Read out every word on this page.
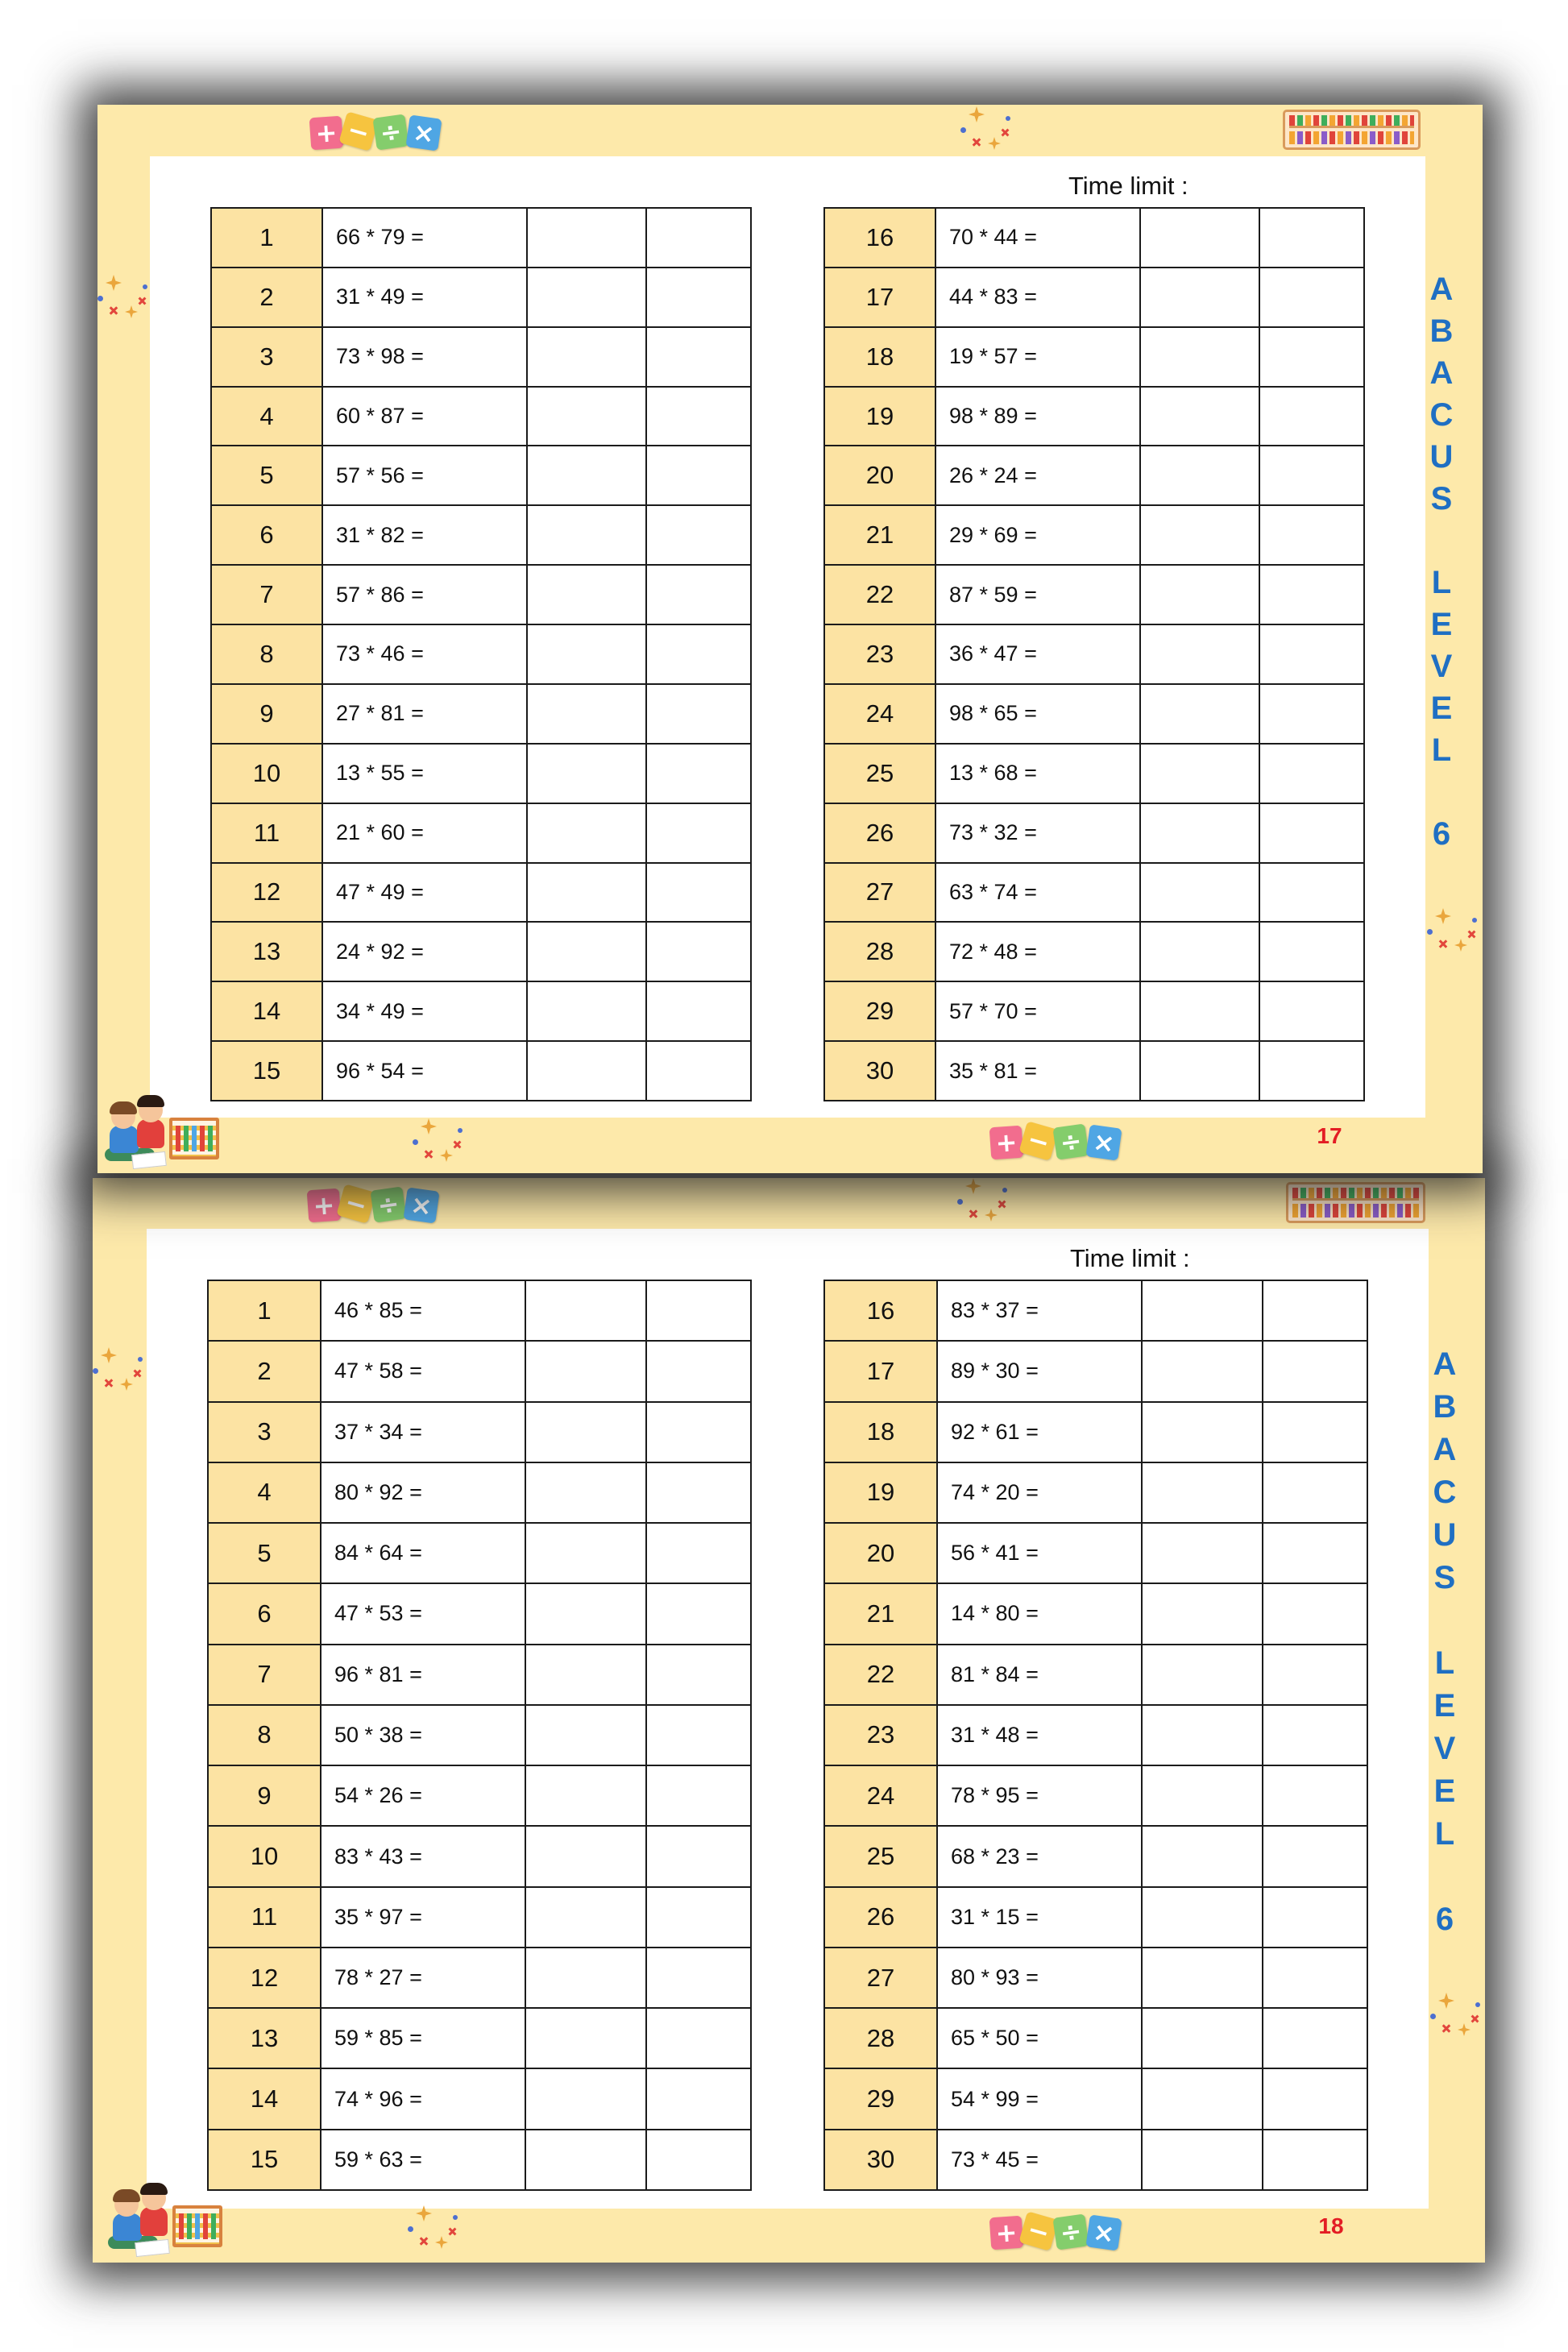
+ − ÷ ×
Time limit :
1	66 * 79 =
2	31 * 49 =
3	73 * 98 =
4	60 * 87 =
5	57 * 56 =
6	31 * 82 =
7	57 * 86 =
8	73 * 46 =
9	27 * 81 =
10	13 * 55 =
11	21 * 60 =
12	47 * 49 =
13	24 * 92 =
14	34 * 49 =
15	96 * 54 =
16	70 * 44 =
17	44 * 83 =
18	19 * 57 =
19	98 * 89 =
20	26 * 24 =
21	29 * 69 =
22	87 * 59 =
23	36 * 47 =
24	98 * 65 =
25	13 * 68 =
26	73 * 32 =
27	63 * 74 =
28	72 * 48 =
29	57 * 70 =
30	35 * 81 =
A
B
A
C
U
S
L
E
V
E
L
6
+ − ÷ ×	17
+ − ÷ ×
Time limit :
1	46 * 85 =
2	47 * 58 =
3	37 * 34 =
4	80 * 92 =
5	84 * 64 =
6	47 * 53 =
7	96 * 81 =
8	50 * 38 =
9	54 * 26 =
10	83 * 43 =
11	35 * 97 =
12	78 * 27 =
13	59 * 85 =
14	74 * 96 =
15	59 * 63 =
16	83 * 37 =
17	89 * 30 =
18	92 * 61 =
19	74 * 20 =
20	56 * 41 =
21	14 * 80 =
22	81 * 84 =
23	31 * 48 =
24	78 * 95 =
25	68 * 23 =
26	31 * 15 =
27	80 * 93 =
28	65 * 50 =
29	54 * 99 =
30	73 * 45 =
A
B
A
C
U
S
L
E
V
E
L
6
+ − ÷ ×	18
